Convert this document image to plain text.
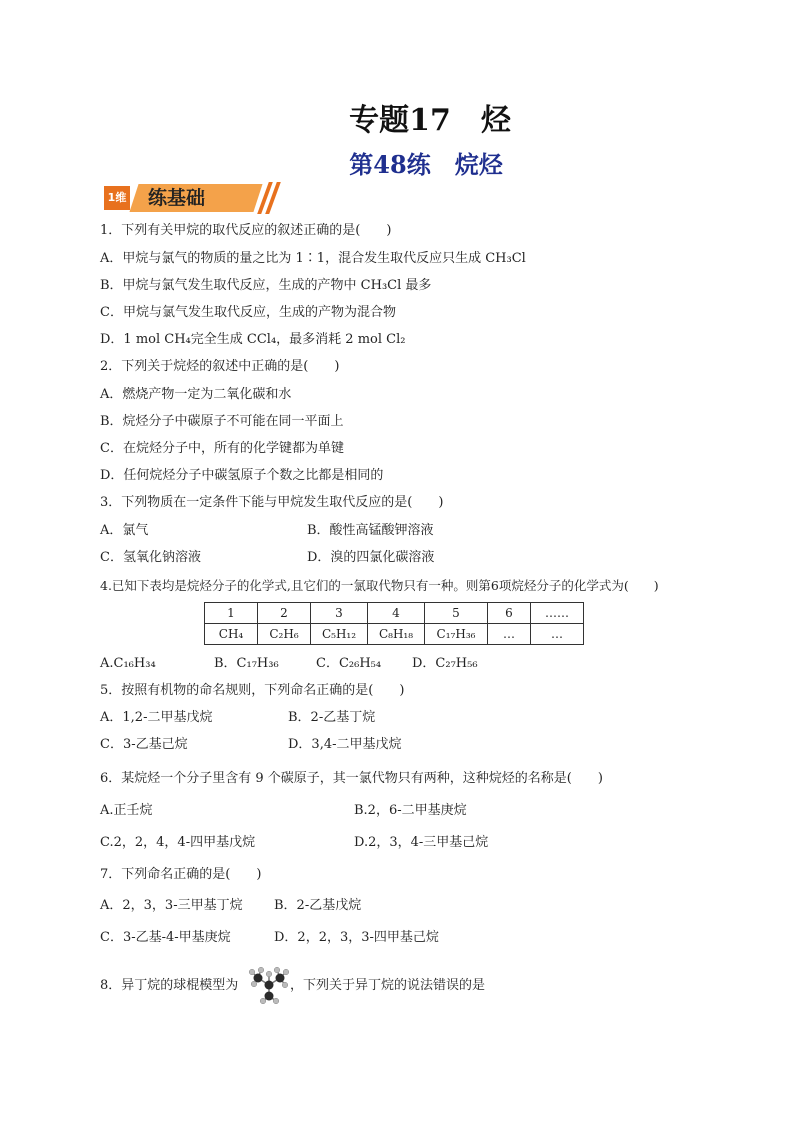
专题17　烃
第48练　烷烃
1维 练基础
1．下列有关甲烷的取代反应的叙述正确的是(　　)
A．甲烷与氯气的物质的量之比为 1∶1，混合发生取代反应只生成 CH₃Cl
B．甲烷与氯气发生取代反应，生成的产物中 CH₃Cl 最多
C．甲烷与氯气发生取代反应，生成的产物为混合物
D．1 mol CH₄完全生成 CCl₄，最多消耗 2 mol Cl₂
2．下列关于烷烃的叙述中正确的是(　　)
A．燃烧产物一定为二氧化碳和水
B．烷烃分子中碳原子不可能在同一平面上
C．在烷烃分子中，所有的化学键都为单键
D．任何烷烃分子中碳氢原子个数之比都是相同的
3．下列物质在一定条件下能与甲烷发生取代反应的是(　　)
A．氯气	B．酸性高锰酸钾溶液
C．氢氧化钠溶液	D．溴的四氯化碳溶液
4.已知下表均是烷烃分子的化学式,且它们的一氯取代物只有一种。则第6项烷烃分子的化学式为(　　)
1	2	3	4	5	6	……
CH₄	C₂H₆	C₅H₁₂	C₈H₁₈	C₁₇H₃₆	…	…
A.C₁₆H₃₄	B．C₁₇H₃₆	C．C₂₆H₅₄ D．C₂₇H₅₆
5．按照有机物的命名规则，下列命名正确的是(　　)
A．1,2-二甲基戊烷	B．2-乙基丁烷
C．3-乙基己烷	D．3,4-二甲基戊烷
6．某烷烃一个分子里含有 9 个碳原子，其一氯代物只有两种，这种烷烃的名称是(　　)
A.正壬烷	B.2，6-二甲基庚烷
C.2，2，4，4-四甲基戊烷	D.2，3，4-三甲基己烷
7．下列命名正确的是(　　)
A．2，3，3-三甲基丁烷 B．2-乙基戊烷
C．3-乙基-4-甲基庚烷	D．2，2，3，3-四甲基己烷
8．异丁烷的球棍模型为	，下列关于异丁烷的说法错误的是
